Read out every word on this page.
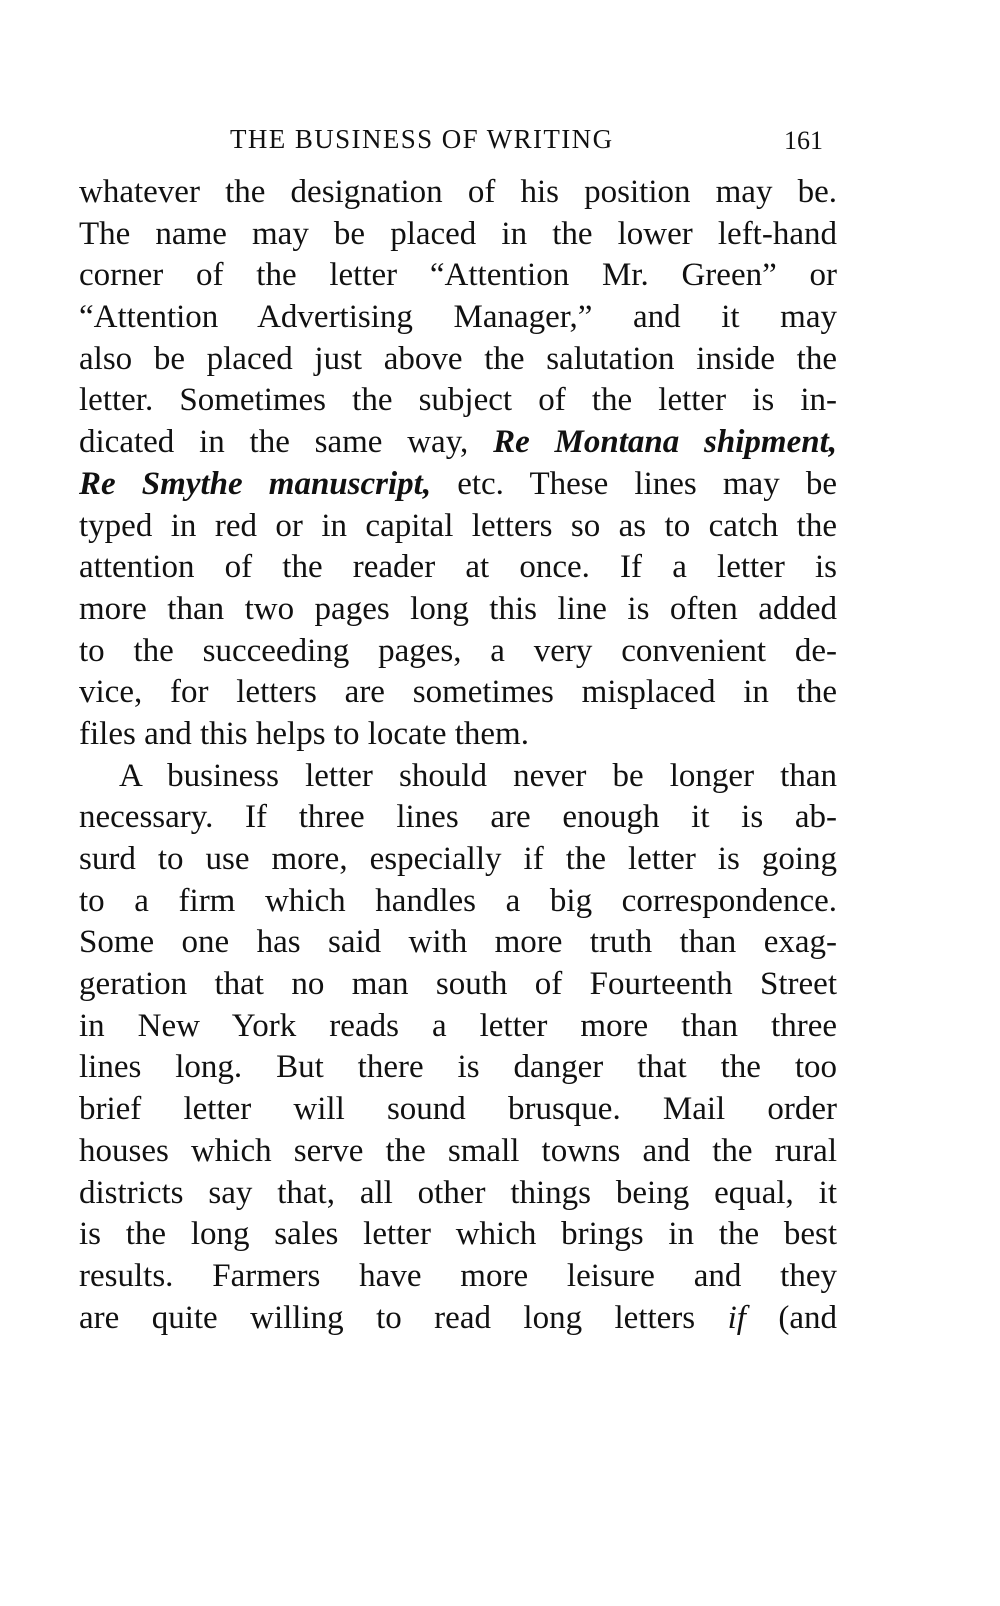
THE BUSINESS OF WRITING	161
whatever the designation of his position may be.
The name may be placed in the lower left-hand
corner of the letter “Attention Mr. Green” or
“Attention Advertising Manager,” and it may
also be placed just above the salutation inside the
letter. Sometimes the subject of the letter is in-
dicated in the same way, Re Montana shipment,
Re Smythe manuscript, etc. These lines may be
typed in red or in capital letters so as to catch the
attention of the reader at once. If a letter is
more than two pages long this line is often added
to the succeeding pages, a very convenient de-
vice, for letters are sometimes misplaced in the
files and this helps to locate them.
A business letter should never be longer than
necessary. If three lines are enough it is ab-
surd to use more, especially if the letter is going
to a firm which handles a big correspondence.
Some one has said with more truth than exag-
geration that no man south of Fourteenth Street
in New York reads a letter more than three
lines long. But there is danger that the too
brief letter will sound brusque. Mail order
houses which serve the small towns and the rural
districts say that, all other things being equal, it
is the long sales letter which brings in the best
results. Farmers have more leisure and they
are quite willing to read long letters if (and
